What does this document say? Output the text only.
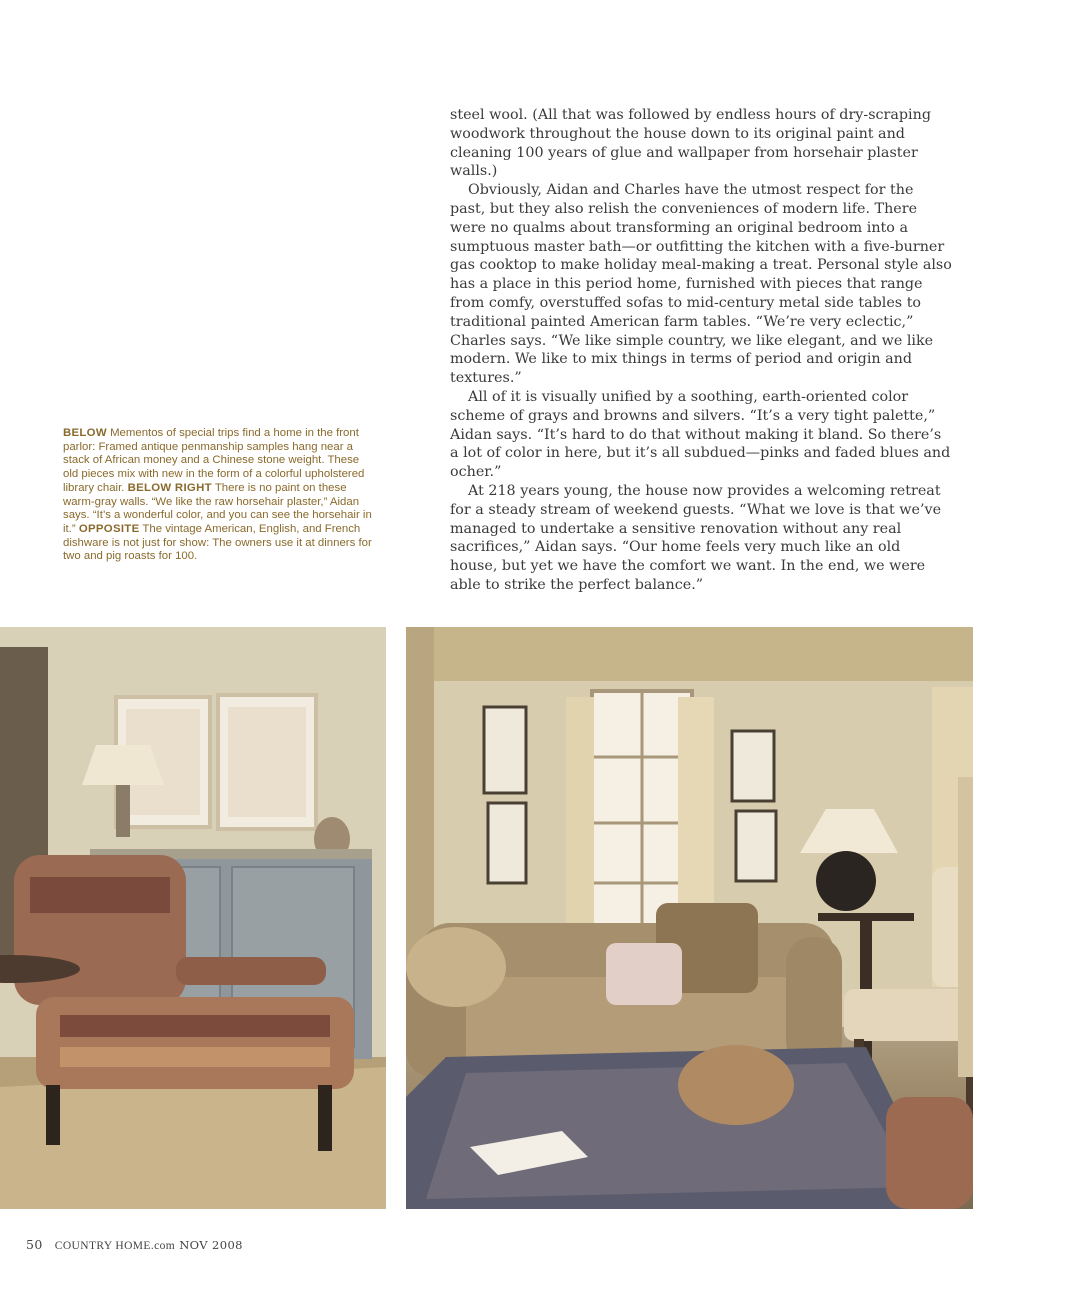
steel wool. (All that was followed by endless hours of dry-scraping woodwork throughout the house down to its original paint and cleaning 100 years of glue and wallpaper from horsehair plaster walls.)

Obviously, Aidan and Charles have the utmost respect for the past, but they also relish the conveniences of modern life. There were no qualms about transforming an original bedroom into a sumptuous master bath—or outfitting the kitchen with a five-burner gas cooktop to make holiday meal-making a treat. Personal style also has a place in this period home, furnished with pieces that range from comfy, overstuffed sofas to mid-century metal side tables to traditional painted American farm tables. “We’re very eclectic,” Charles says. “We like simple country, we like elegant, and we like modern. We like to mix things in terms of period and origin and textures.”

All of it is visually unified by a soothing, earth-oriented color scheme of grays and browns and silvers. “It’s a very tight palette,” Aidan says. “It’s hard to do that without making it bland. So there’s a lot of color in here, but it’s all subdued—pinks and faded blues and ocher.”

At 218 years young, the house now provides a welcoming retreat for a steady stream of weekend guests. “What we love is that we’ve managed to undertake a sensitive renovation without any real sacrifices,” Aidan says. “Our home feels very much like an old house, but yet we have the comfort we want. In the end, we were able to strike the perfect balance.”

BELOW Mementos of special trips find a home in the front parlor: Framed antique penmanship samples hang near a stack of African money and a Chinese stone weight. These old pieces mix with new in the form of a colorful upholstered library chair. BELOW RIGHT There is no paint on these warm-gray walls. “We like the raw horsehair plaster,” Aidan says. “It’s a wonderful color, and you can see the horsehair in it.” OPPOSITE The vintage American, English, and French dishware is not just for show: The owners use it at dinners for two and pig roasts for 100.
50 COUNTRY HOME.com NOV 2008
